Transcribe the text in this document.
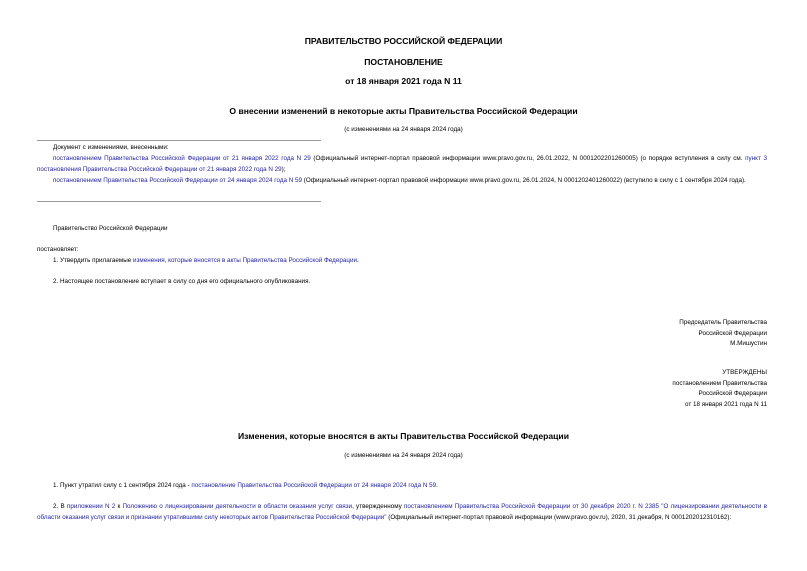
ПРАВИТЕЛЬСТВО РОССИЙСКОЙ ФЕДЕРАЦИИ
ПОСТАНОВЛЕНИЕ
от 18 января 2021 года N 11
О внесении изменений в некоторые акты Правительства Российской Федерации
(с изменениями на 24 января 2024 года)
Документ с изменениями, внесенными:
постановлением Правительства Российской Федерации от 21 января 2022 года N 29 (Официальный интернет-портал правовой информации www.pravo.gov.ru, 26.01.2022, N 0001202201260005) (о порядке вступления в силу см. пункт 3 постановления Правительства Российской Федерации от 21 января 2022 года N 29);
постановлением Правительства Российской Федерации от 24 января 2024 года N 59 (Официальный интернет-портал правовой информации www.pravo.gov.ru, 26.01.2024, N 0001202401260022) (вступило в силу с 1 сентября 2024 года).
Правительство Российской Федерации
постановляет:
1. Утвердить прилагаемые изменения, которые вносятся в акты Правительства Российской Федерации.
2. Настоящее постановление вступает в силу со дня его официального опубликования.

Председатель Правительства

Российской Федерации

М.Мишустин

УТВЕРЖДЕНЫ

постановлением Правительства

Российской Федерации

от 18 января 2021 года N 11

Изменения, которые вносятся в акты Правительства Российской Федерации
(с изменениями на 24 января 2024 года)
1. Пункт утратил силу с 1 сентября 2024 года - постановление Правительства Российской Федерации от 24 января 2024 года N 59.
2. В приложении N 2 к Положению о лицензировании деятельности в области оказания услуг связи, утвержденному постановлением Правительства Российской Федерации от 30 декабря 2020 г. N 2385 "О лицензировании деятельности в области оказания услуг связи и признании утратившими силу некоторых актов Правительства Российской Федерации" (Официальный интернет-портал правовой информации (www.pravo.gov.ru), 2020, 31 декабря, N 0001202012310162):
